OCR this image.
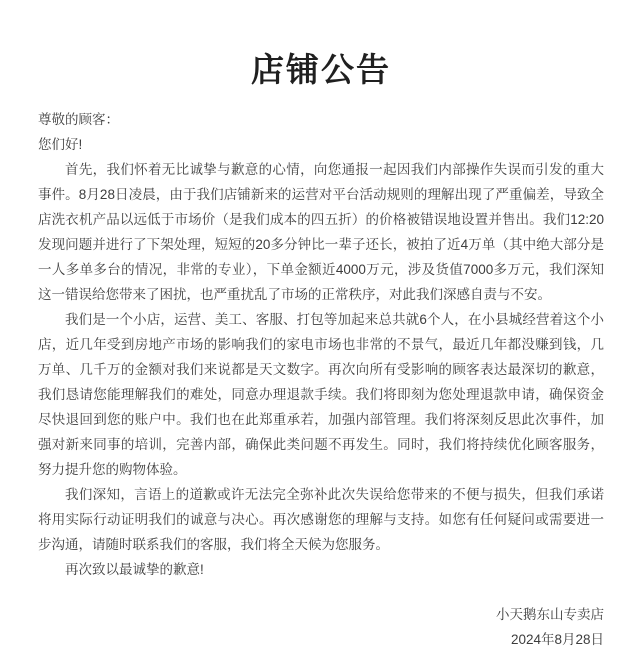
店铺公告

尊敬的顾客：

您们好!

首先，我们怀着无比诚挚与歉意的心情，向您通报一起因我们内部操作失误而引发的重大事件。8月28日凌晨，由于我们店铺新来的运营对平台活动规则的理解出现了严重偏差，导致全店洗衣机产品以远低于市场价（是我们成本的四五折）的价格被错误地设置并售出。我们12:20发现问题并进行了下架处理，短短的20多分钟比一辈子还长，被拍了近4万单（其中绝大部分是一人多单多台的情况，非常的专业），下单金额近4000万元，涉及货值7000多万元，我们深知这一错误给您带来了困扰，也严重扰乱了市场的正常秩序，对此我们深感自责与不安。

我们是一个小店，运营、美工、客服、打包等加起来总共就6个人，在小县城经营着这个小店，近几年受到房地产市场的影响我们的家电市场也非常的不景气，最近几年都没赚到钱，几万单、几千万的金额对我们来说都是天文数字。再次向所有受影响的顾客表达最深切的歉意，我们恳请您能理解我们的难处，同意办理退款手续。我们将即刻为您处理退款申请，确保资金尽快退回到您的账户中。我们也在此郑重承若，加强内部管理。我们将深刻反思此次事件，加强对新来同事的培训，完善内部，确保此类问题不再发生。同时，我们将持续优化顾客服务，努力提升您的购物体验。

我们深知，言语上的道歉或许无法完全弥补此次失误给您带来的不便与损失，但我们承诺将用实际行动证明我们的诚意与决心。再次感谢您的理解与支持。如您有任何疑问或需要进一步沟通，请随时联系我们的客服，我们将全天候为您服务。

再次致以最诚挚的歉意!

小天鹅东山专卖店

2024年8月28日
